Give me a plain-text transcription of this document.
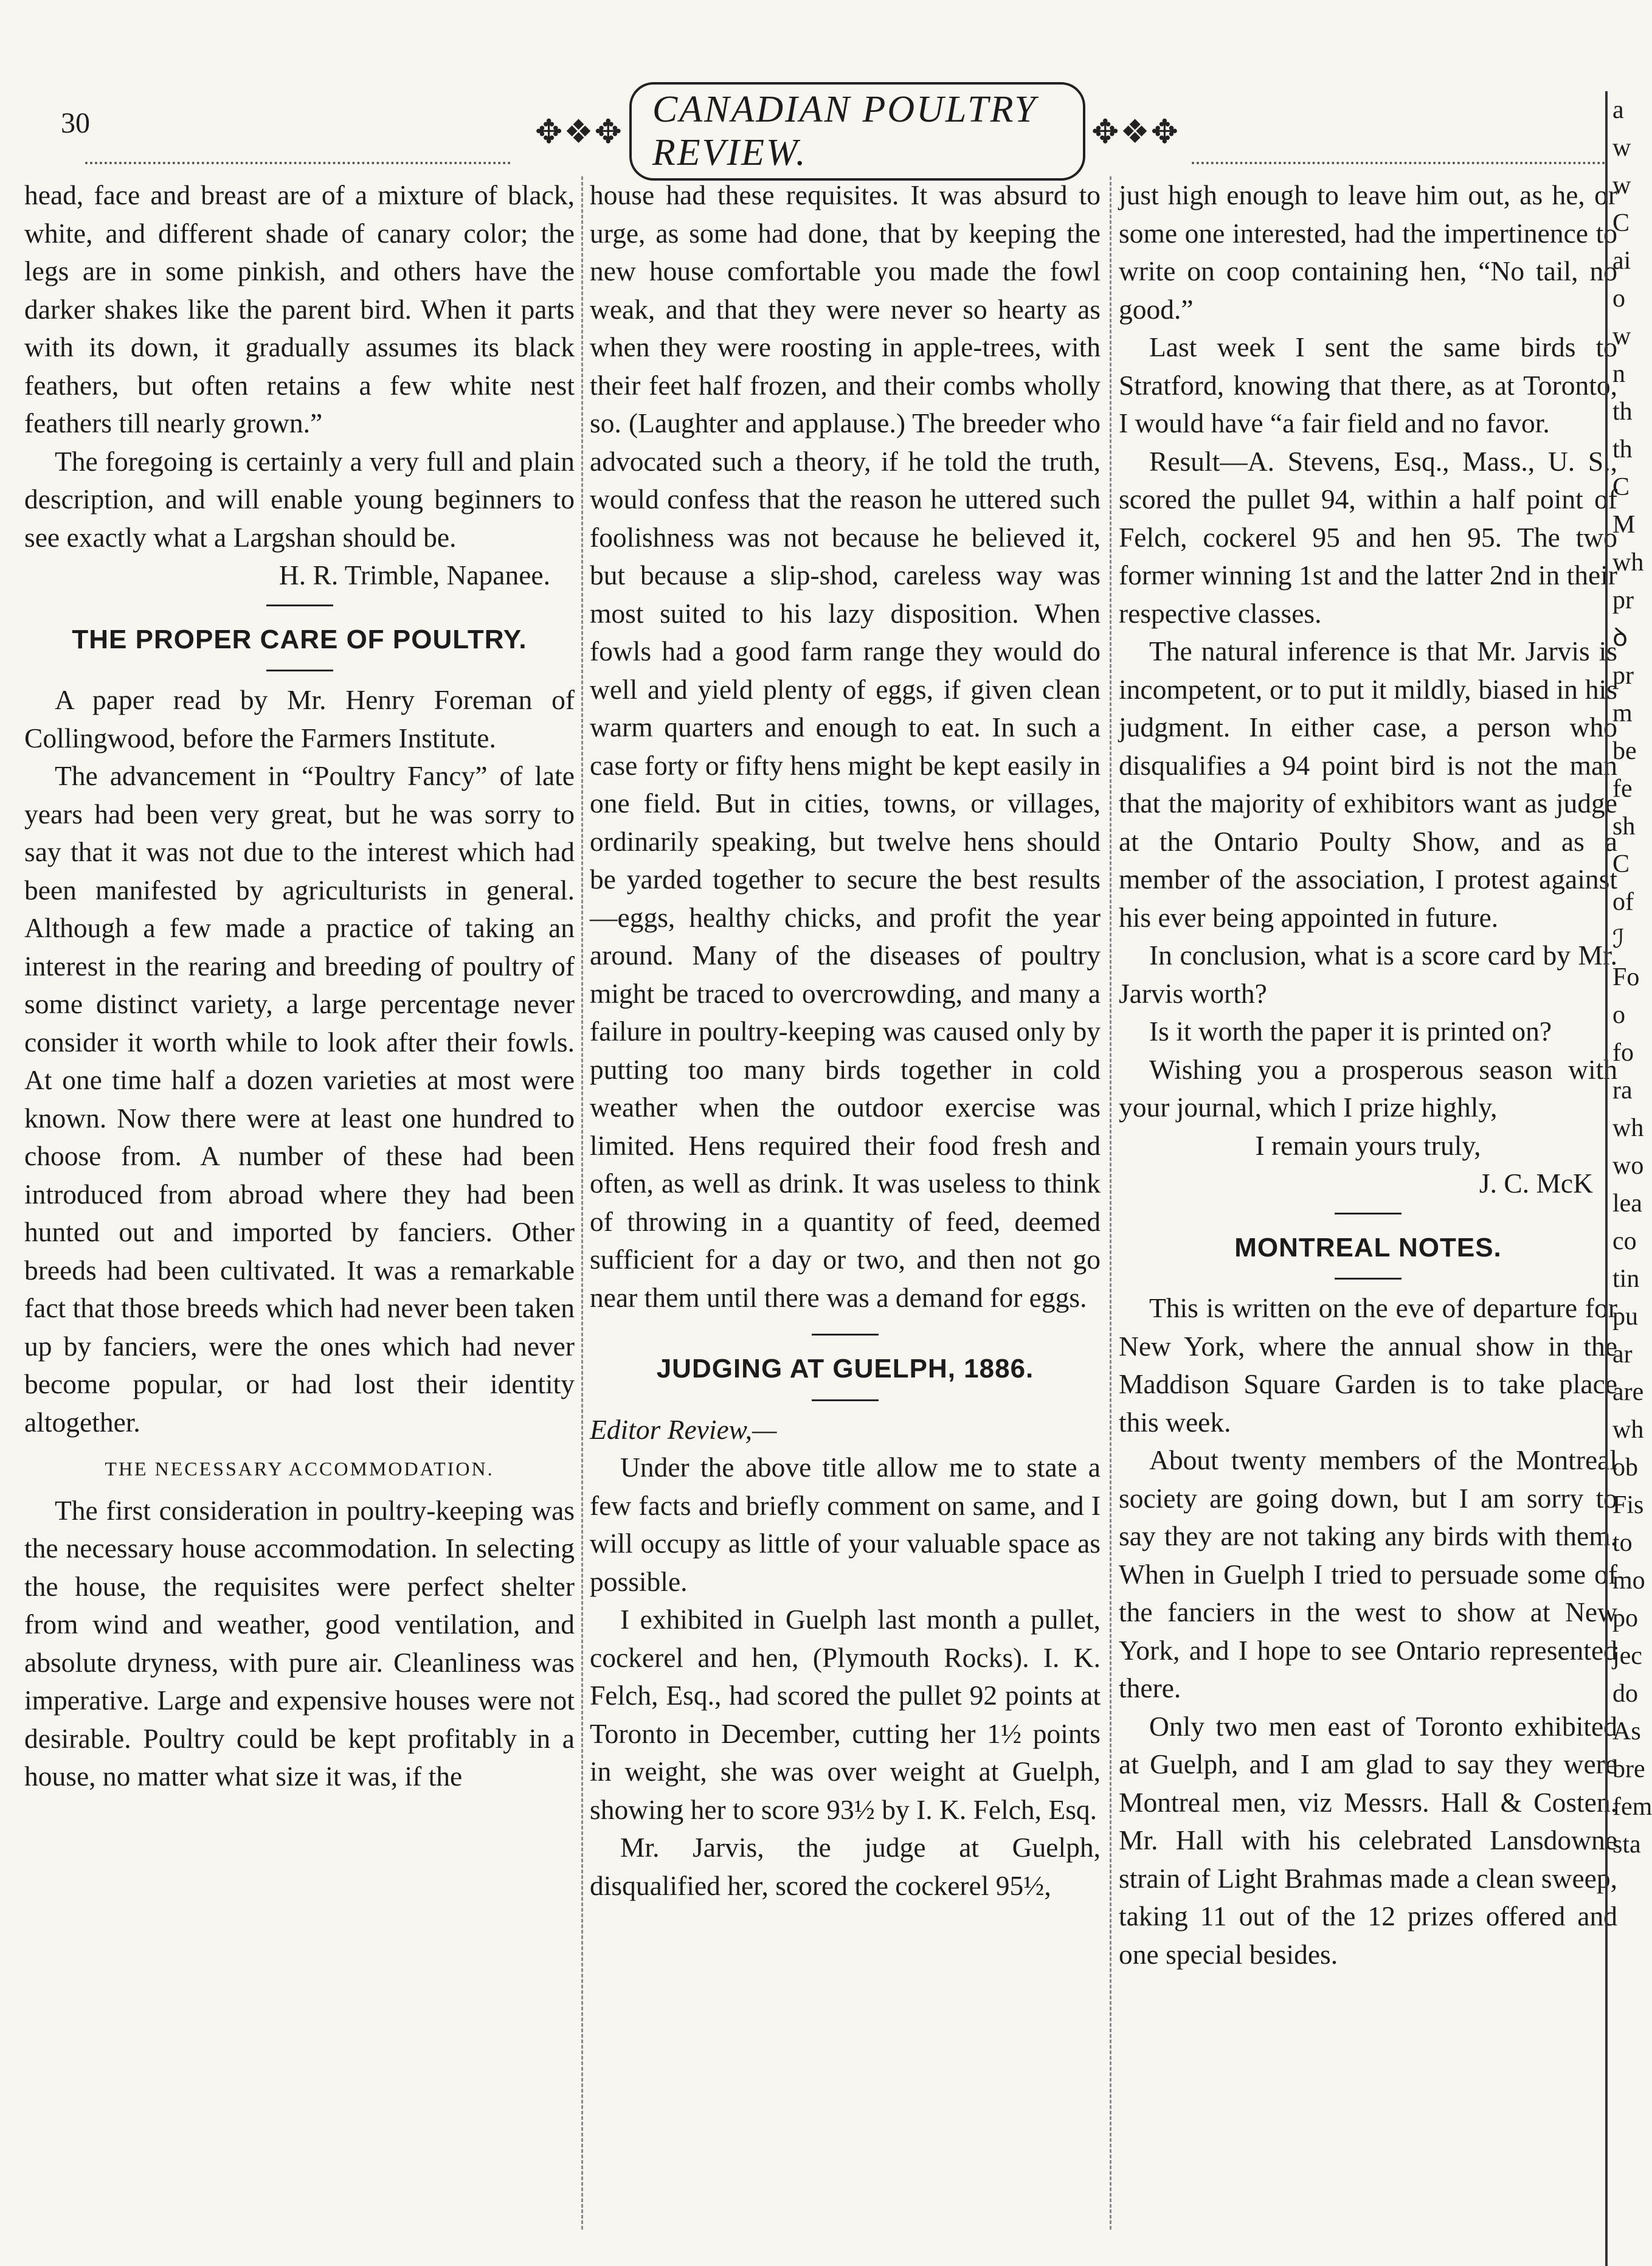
30	✥❖✥
CANADIAN POULTRY REVIEW.
✥❖✥

head, face and breast are of a mixture of black, white, and different shade of canary color; the legs are in some pinkish, and others have the darker shakes like the parent bird. When it parts with its down, it gradually assumes its black feathers, but often retains a few white nest feathers till nearly grown.”

The foregoing is certainly a very full and plain description, and will enable young beginners to see exactly what a Largshan should be.

H. R. Trimble, Napanee.

THE PROPER CARE OF POULTRY.

A paper read by Mr. Henry Foreman of Collingwood, before the Farmers Institute.

The advancement in “Poultry Fancy” of late years had been very great, but he was sorry to say that it was not due to the interest which had been manifested by agriculturists in general. Although a few made a practice of taking an interest in the rearing and breeding of poultry of some distinct variety, a large percentage never consider it worth while to look after their fowls. At one time half a dozen varieties at most were known. Now there were at least one hundred to choose from. A number of these had been introduced from abroad where they had been hunted out and imported by fanciers. Other breeds had been cultivated. It was a remarkable fact that those breeds which had never been taken up by fanciers, were the ones which had never become popular, or had lost their identity altogether.

THE NECESSARY ACCOMMODATION.

The first consideration in poultry-keeping was the necessary house accommodation. In selecting the house, the requisites were perfect shelter from wind and weather, good ventilation, and absolute dryness, with pure air. Cleanliness was imperative. Large and expensive houses were not desirable. Poultry could be kept profitably in a house, no matter what size it was, if the

house had these requisites. It was absurd to urge, as some had done, that by keeping the new house comfortable you made the fowl weak, and that they were never so hearty as when they were roosting in apple-trees, with their feet half frozen, and their combs wholly so. (Laughter and applause.) The breeder who advocated such a theory, if he told the truth, would confess that the reason he uttered such foolishness was not because he believed it, but because a slip-shod, careless way was most suited to his lazy disposition. When fowls had a good farm range they would do well and yield plenty of eggs, if given clean warm quarters and enough to eat. In such a case forty or fifty hens might be kept easily in one field. But in cities, towns, or villages, ordinarily speaking, but twelve hens should be yarded together to secure the best results—eggs, healthy chicks, and profit the year around. Many of the diseases of poultry might be traced to overcrowding, and many a failure in poultry-keeping was caused only by putting too many birds together in cold weather when the outdoor exercise was limited. Hens required their food fresh and often, as well as drink. It was useless to think of throwing in a quantity of feed, deemed sufficient for a day or two, and then not go near them until there was a demand for eggs.

JUDGING AT GUELPH, 1886.

Editor Review,—

Under the above title allow me to state a few facts and briefly comment on same, and I will occupy as little of your valuable space as possible.

I exhibited in Guelph last month a pullet, cockerel and hen, (Plymouth Rocks). I. K. Felch, Esq., had scored the pullet 92 points at Toronto in December, cutting her 1½ points in weight, she was over weight at Guelph, showing her to score 93½ by I. K. Felch, Esq.

Mr. Jarvis, the judge at Guelph, disqualified her, scored the cockerel 95½,

just high enough to leave him out, as he, or some one interested, had the impertinence to write on coop containing hen, “No tail, no good.”

Last week I sent the same birds to Stratford, knowing that there, as at Toronto, I would have “a fair field and no favor.

Result—A. Stevens, Esq., Mass., U. S., scored the pullet 94, within a half point of Felch, cockerel 95 and hen 95. The two former winning 1st and the latter 2nd in their respective classes.

The natural inference is that Mr. Jarvis is incompetent, or to put it mildly, biased in his judgment. In either case, a person who disqualifies a 94 point bird is not the man that the majority of exhibitors want as judge at the Ontario Poulty Show, and as a member of the association, I protest against his ever being appointed in future.

In conclusion, what is a score card by Mr. Jarvis worth?

Is it worth the paper it is printed on?

Wishing you a prosperous season with your journal, which I prize highly,

I remain yours truly,

J. C. McK

MONTREAL NOTES.

This is written on the eve of departure for New York, where the annual show in the Maddison Square Garden is to take place this week.

About twenty members of the Montreal society are going down, but I am sorry to say they are not taking any birds with them. When in Guelph I tried to persuade some of the fanciers in the west to show at New York, and I hope to see Ontario represented there.

Only two men east of Toronto exhibited at Guelph, and I am glad to say they were Montreal men, viz Messrs. Hall & Costen. Mr. Hall with his celebrated Lansdowne strain of Light Brahmas made a clean sweep, taking 11 out of the 12 prizes offered and one special besides.

a
w
w
C
ai
o
w
n
th
th
C
M
wh
pr
ꝺ
pr
m
be
fe
sh
C
of
ℐ
Fo
o
fo
ra
wh
wo
lea
co
tin
pu
ar
are
wh
ob
Fis
to
mo
po
jec
do
As
bre
fem
sta
